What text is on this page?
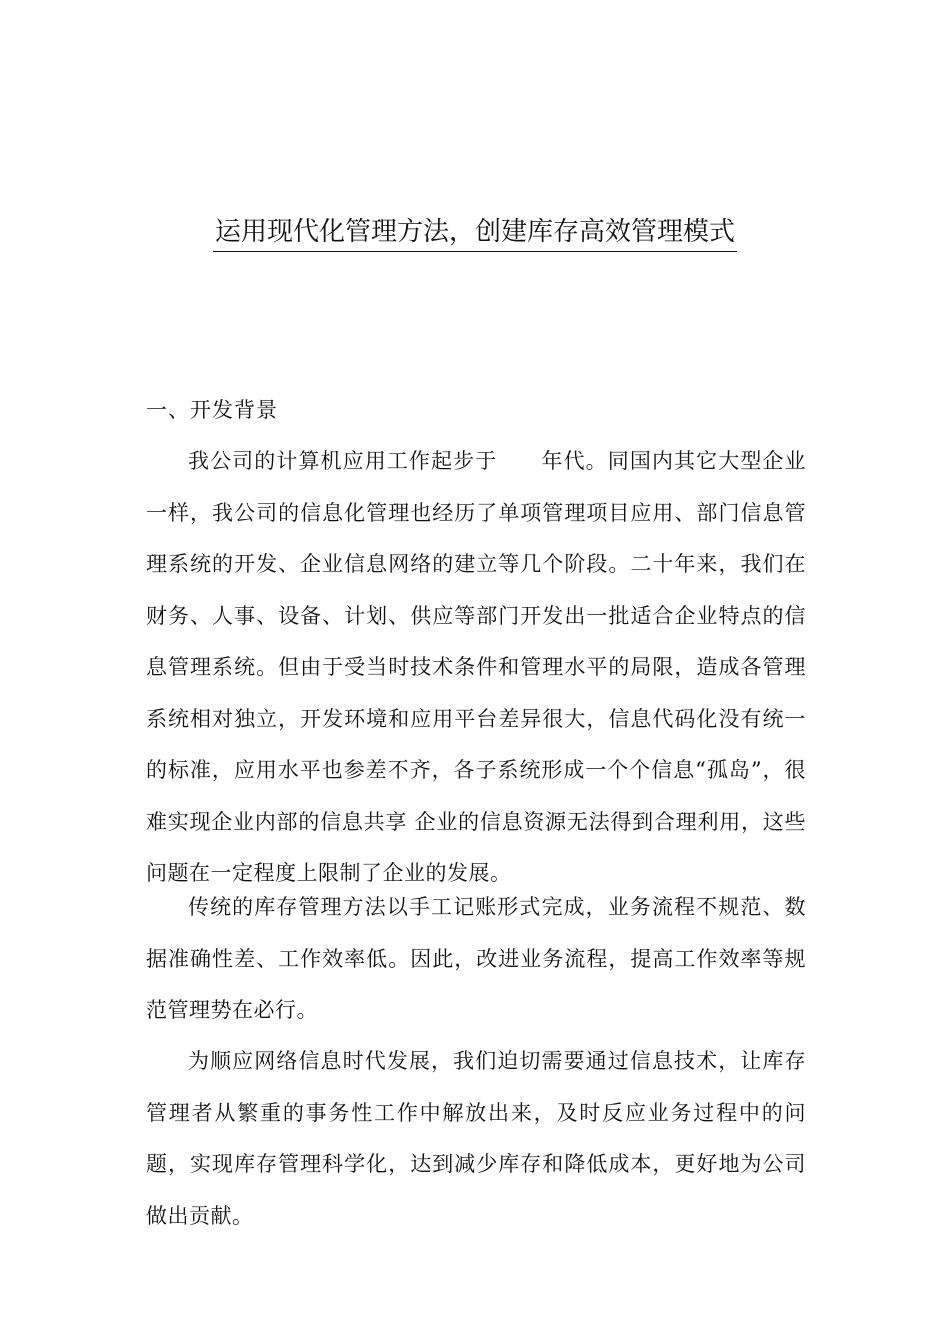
运用现代化管理方法，创建库存高效管理模式
一、开发背景

我公司的计算机应用工作起步于　　年代。同国内其它大型企业一样，我公司的信息化管理也经历了单项管理项目应用、部门信息管理系统的开发、企业信息网络的建立等几个阶段。二十年来，我们在财务、人事、设备、计划、供应等部门开发出一批适合企业特点的信息管理系统。但由于受当时技术条件和管理水平的局限，造成各管理系统相对独立，开发环境和应用平台差异很大，信息代码化没有统一的标准，应用水平也参差不齐，各子系统形成一个个信息“孤岛”，很难实现企业内部的信息共享 企业的信息资源无法得到合理利用，这些问题在一定程度上限制了企业的发展。

传统的库存管理方法以手工记账形式完成，业务流程不规范、数据准确性差、工作效率低。因此，改进业务流程，提高工作效率等规范管理势在必行。

为顺应网络信息时代发展，我们迫切需要通过信息技术，让库存管理者从繁重的事务性工作中解放出来，及时反应业务过程中的问题，实现库存管理科学化，达到减少库存和降低成本，更好地为公司做出贡献。
